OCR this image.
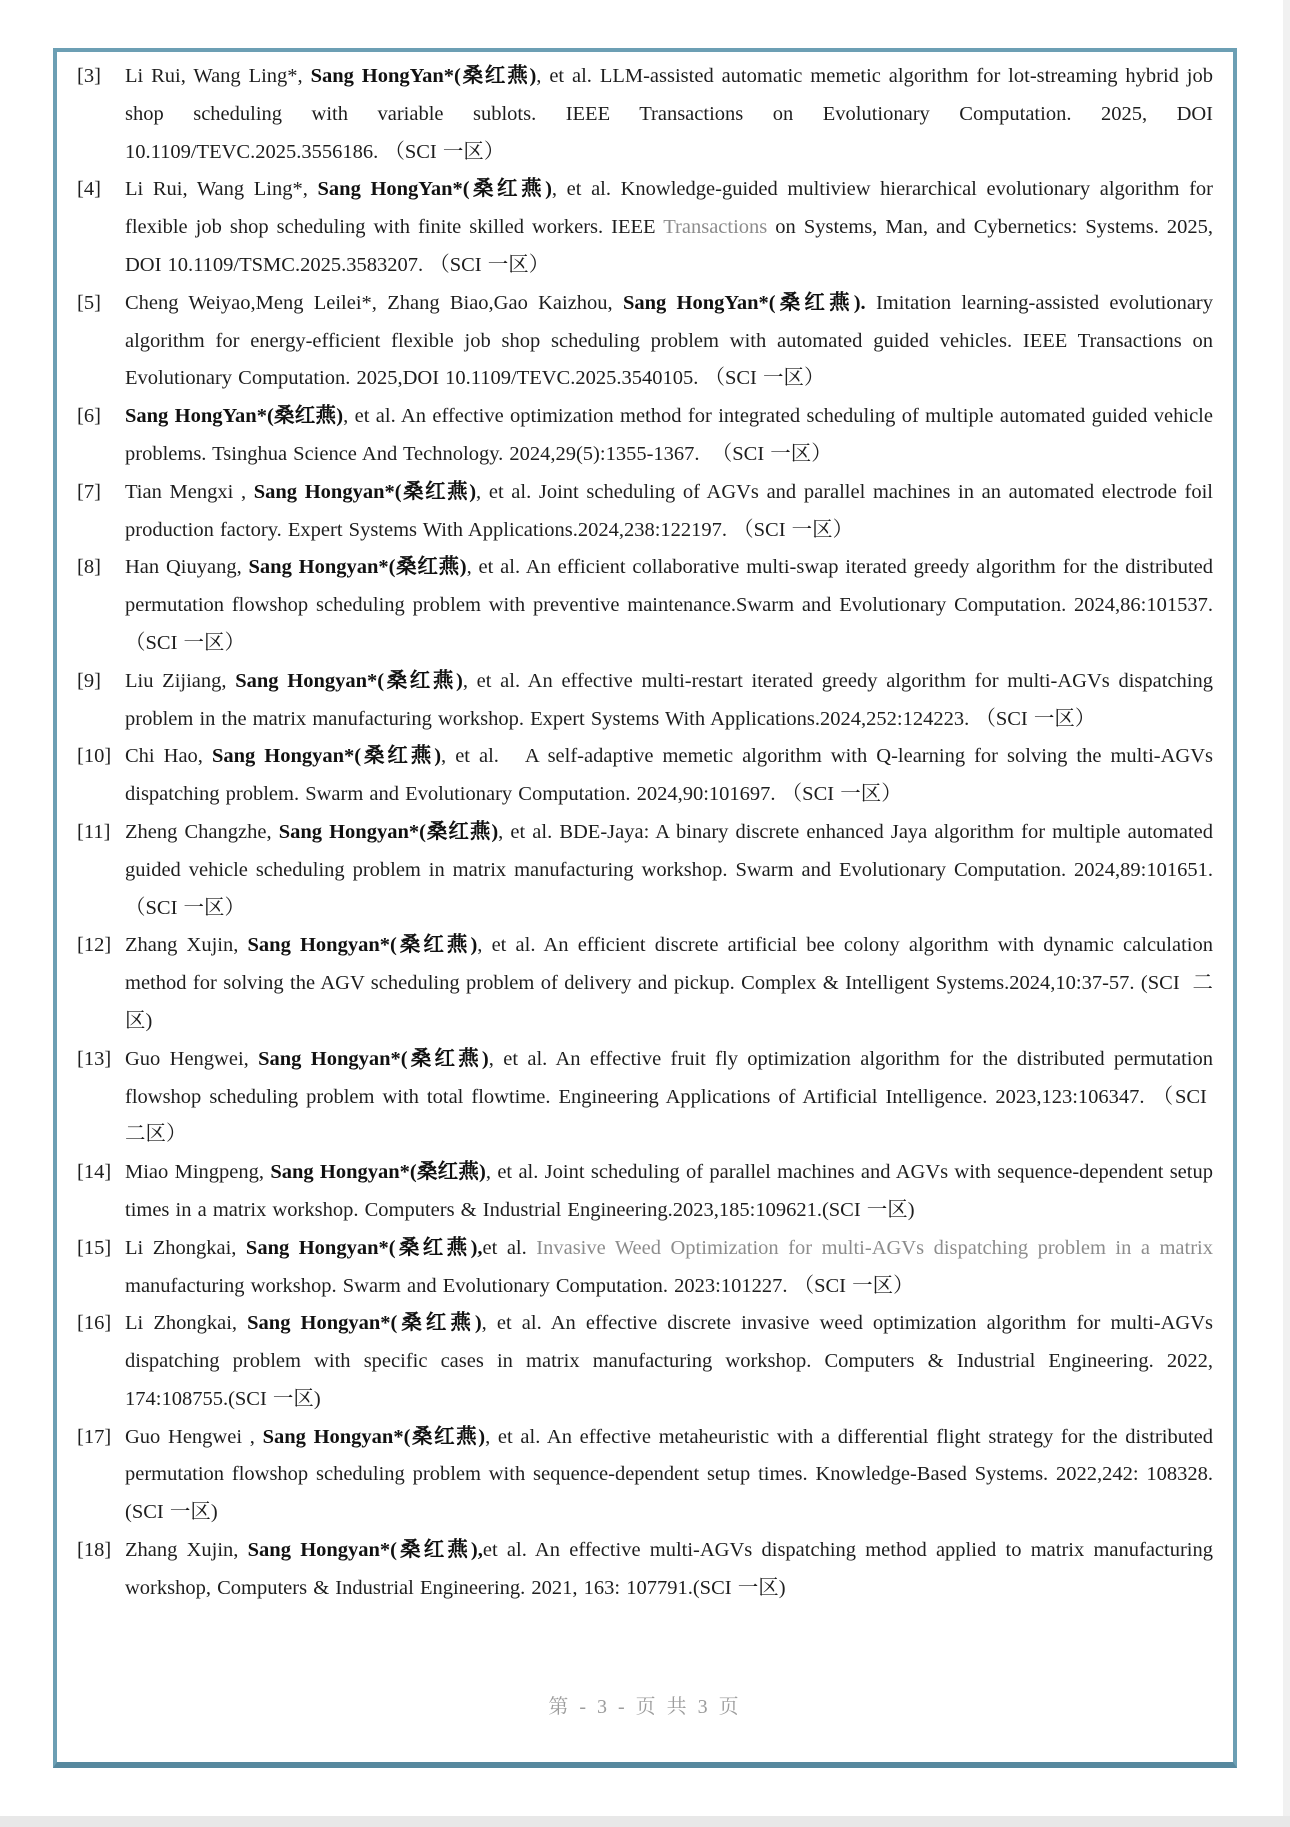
[3] Li Rui, Wang Ling*, Sang HongYan*(桑红燕), et al. LLM-assisted automatic memetic algorithm for lot-streaming hybrid job shop scheduling with variable sublots. IEEE Transactions on Evolutionary Computation. 2025, DOI 10.1109/TEVC.2025.3556186. （SCI 一区）
[4] Li Rui, Wang Ling*, Sang HongYan*(桑红燕), et al. Knowledge-guided multiview hierarchical evolutionary algorithm for flexible job shop scheduling with finite skilled workers. IEEE Transactions on Systems, Man, and Cybernetics: Systems. 2025, DOI 10.1109/TSMC.2025.3583207. （SCI 一区）
[5] Cheng Weiyao,Meng Leilei*, Zhang Biao,Gao Kaizhou, Sang HongYan*(桑红燕). Imitation learning-assisted evolutionary algorithm for energy-efficient flexible job shop scheduling problem with automated guided vehicles. IEEE Transactions on Evolutionary Computation. 2025,DOI 10.1109/TEVC.2025.3540105. （SCI 一区）
[6] Sang HongYan*(桑红燕), et al. An effective optimization method for integrated scheduling of multiple automated guided vehicle problems. Tsinghua Science And Technology. 2024,29(5):1355-1367.  （SCI 一区）
[7] Tian Mengxi , Sang Hongyan*(桑红燕), et al. Joint scheduling of AGVs and parallel machines in an automated electrode foil production factory. Expert Systems With Applications.2024,238:122197. （SCI 一区）
[8] Han Qiuyang, Sang Hongyan*(桑红燕), et al. An efficient collaborative multi-swap iterated greedy algorithm for the distributed permutation flowshop scheduling problem with preventive maintenance.Swarm and Evolutionary Computation. 2024,86:101537. （SCI 一区）
[9] Liu Zijiang, Sang Hongyan*(桑红燕), et al. An effective multi-restart iterated greedy algorithm for multi-AGVs dispatching problem in the matrix manufacturing workshop. Expert Systems With Applications.2024,252:124223. （SCI 一区）
[10] Chi Hao, Sang Hongyan*(桑红燕), et al.   A self-adaptive memetic algorithm with Q-learning for solving the multi-AGVs dispatching problem. Swarm and Evolutionary Computation. 2024,90:101697. （SCI 一区）
[11] Zheng Changzhe, Sang Hongyan*(桑红燕), et al. BDE-Jaya: A binary discrete enhanced Jaya algorithm for multiple automated guided vehicle scheduling problem in matrix manufacturing workshop. Swarm and Evolutionary Computation. 2024,89:101651. （SCI 一区）
[12] Zhang Xujin, Sang Hongyan*(桑红燕), et al. An efficient discrete artificial bee colony algorithm with dynamic calculation method for solving the AGV scheduling problem of delivery and pickup. Complex & Intelligent Systems.2024,10:37-57. (SCI  二区)
[13] Guo Hengwei, Sang Hongyan*(桑红燕), et al. An effective fruit fly optimization algorithm for the distributed permutation flowshop scheduling problem with total flowtime. Engineering Applications of Artificial Intelligence. 2023,123:106347. （SCI  二区）
[14] Miao Mingpeng, Sang Hongyan*(桑红燕), et al. Joint scheduling of parallel machines and AGVs with sequence-dependent setup times in a matrix workshop. Computers & Industrial Engineering.2023,185:109621.(SCI 一区)
[15] Li Zhongkai, Sang Hongyan*(桑红燕),et al. Invasive Weed Optimization for multi-AGVs dispatching problem in a matrix manufacturing workshop. Swarm and Evolutionary Computation. 2023:101227. （SCI 一区）
[16] Li Zhongkai, Sang Hongyan*(桑红燕), et al. An effective discrete invasive weed optimization algorithm for multi-AGVs dispatching problem with specific cases in matrix manufacturing workshop. Computers & Industrial Engineering. 2022, 174:108755.(SCI 一区)
[17] Guo Hengwei , Sang Hongyan*(桑红燕), et al. An effective metaheuristic with a differential flight strategy for the distributed permutation flowshop scheduling problem with sequence-dependent setup times. Knowledge-Based Systems. 2022,242: 108328. (SCI 一区)
[18] Zhang Xujin, Sang Hongyan*(桑红燕),et al. An effective multi-AGVs dispatching method applied to matrix manufacturing workshop, Computers & Industrial Engineering. 2021, 163: 107791.(SCI 一区)
第 - 3 - 页 共 3 页
